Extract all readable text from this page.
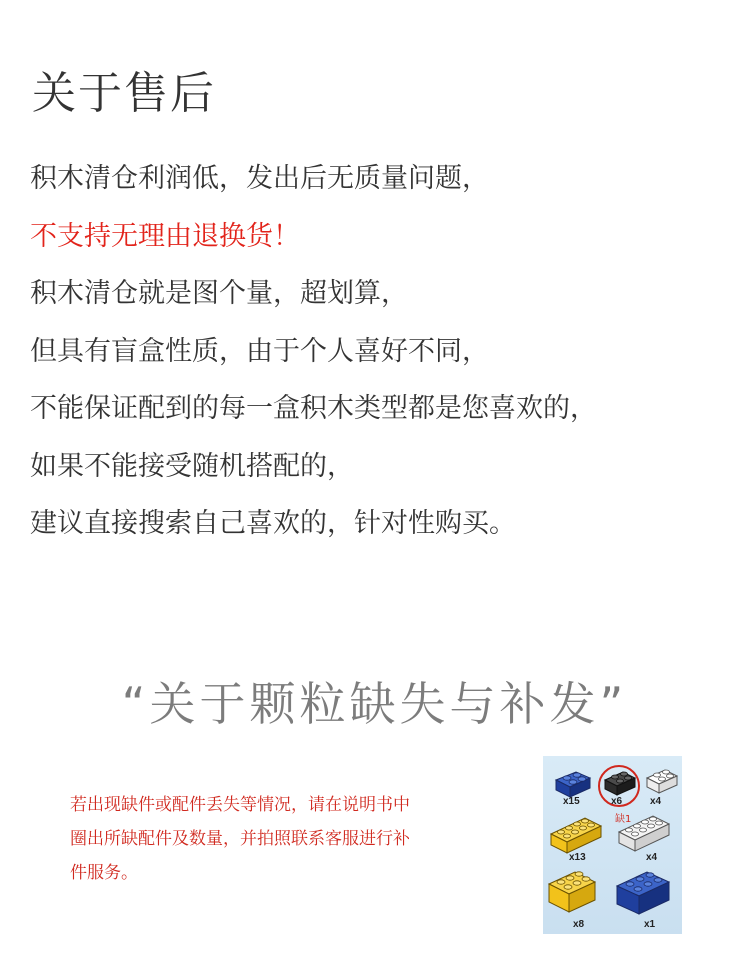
关于售后
积木清仓利润低，发出后无质量问题，
不支持无理由退换货！
积木清仓就是图个量，超划算，
但具有盲盒性质，由于个人喜好不同，
不能保证配到的每一盒积木类型都是您喜欢的，
如果不能接受随机搭配的，
建议直接搜索自己喜欢的，针对性购买。
“关于颗粒缺失与补发”
若出现缺件或配件丢失等情况，请在说明书中
圈出所缺配件及数量，并拍照联系客服进行补
件服务。
x15	x6	x4
缺1
x13	x4
x8	x1
